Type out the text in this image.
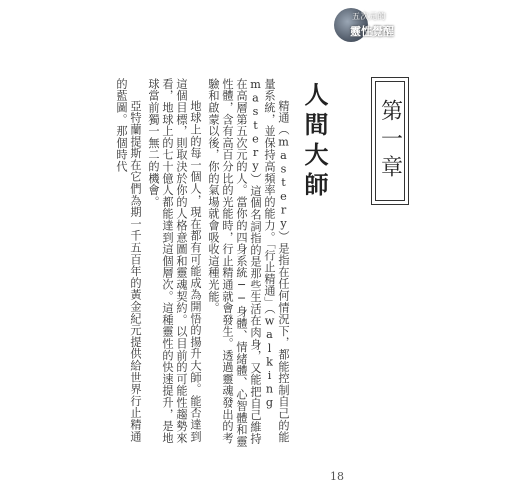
五次元的
靈性覺醒
第一章
人間大師

精通（mastery）是指在任何情況下，都能控制自己的能量系統，並保持高頻率的能力。「行止精通」（walking mastery）這個名詞指的是那些生活在肉身，又能把自己維持在高層第五次元的人。當你的四身系統──身體、情緒體、心智體和靈性體，含有高百分比的光能時，行止精通就會發生。透過靈魂發出的考驗和啟蒙以後，你的氣場就會吸收這種光能。

地球上的每一個人，現在都有可能成為開悟的揚升大師。能否達到這個目標，則取決於你的人格意圖和靈魂契約。以目前的可能性趨勢來看，地球上的七十億人都能達到這個層次。這種靈性的快速提升，是地球當前獨一無二的機會。

亞特蘭提斯在它們為期一千五百年的黃金紀元提供給世界行止精通的藍圖。那個時代

18
